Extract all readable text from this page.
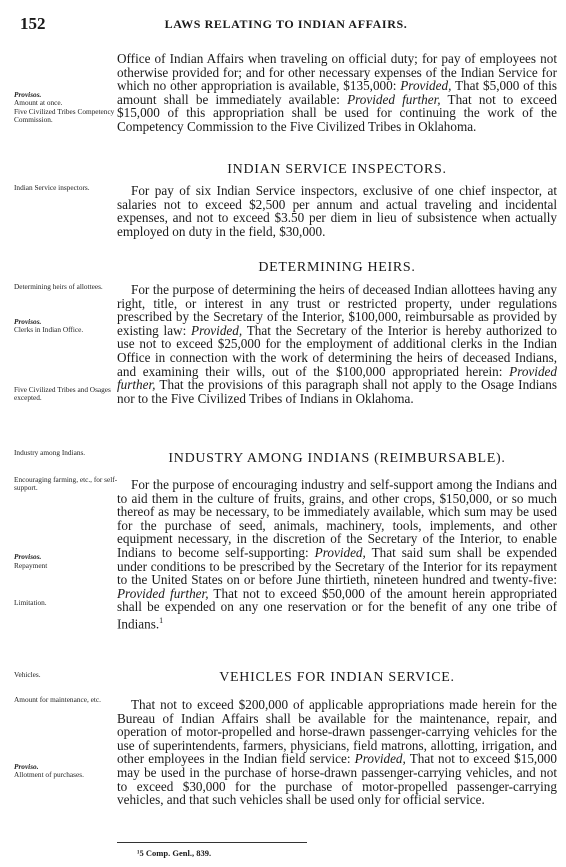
152	LAWS RELATING TO INDIAN AFFAIRS.

Office of Indian Affairs when traveling on official duty; for pay of employees not otherwise provided for; and for other necessary expenses of the Indian Service for which no other appropriation is available, $135,000: Provided, That $5,000 of this amount shall be immediately available: Provided further, That not to exceed $15,000 of this appropriation shall be used for continuing the work of the Competency Commission to the Five Civilized Tribes in Oklahoma.

Provisos.
Amount at once.
Five Civilized Tribes Competency Commission.
INDIAN SERVICE INSPECTORS.
Indian Service inspectors.	For pay of six Indian Service inspectors, exclusive of one chief inspector, at salaries not to exceed $2,500 per annum and actual traveling and incidental expenses, and not to exceed $3.50 per diem in lieu of subsistence when actually employed on duty in the field, $30,000.

DETERMINING HEIRS.
Determining heirs of allottees.
Provisos.
Clerks in Indian Office.
Five Civilized Tribes and Osages excepted.

For the purpose of determining the heirs of deceased Indian allottees having any right, title, or interest in any trust or restricted property, under regulations prescribed by the Secretary of the Interior, $100,000, reimbursable as provided by existing law: Provided, That the Secretary of the Interior is hereby authorized to use not to exceed $25,000 for the employment of additional clerks in the Indian Office in connection with the work of determining the heirs of deceased Indians, and examining their wills, out of the $100,000 appropriated herein: Provided further, That the provisions of this paragraph shall not apply to the Osage Indians nor to the Five Civilized Tribes of Indians in Oklahoma.

INDUSTRY AMONG INDIANS (REIMBURSABLE).
Industry among Indians.
Encouraging farming, etc., for self-support.
Provisos.
Repayment
Limitation.

For the purpose of encouraging industry and self-support among the Indians and to aid them in the culture of fruits, grains, and other crops, $150,000, or so much thereof as may be necessary, to be immediately available, which sum may be used for the purchase of seed, animals, machinery, tools, implements, and other equipment necessary, in the discretion of the Secretary of the Interior, to enable Indians to become self-supporting: Provided, That said sum shall be expended under conditions to be prescribed by the Secretary of the Interior for its repayment to the United States on or before June thirtieth, nineteen hundred and twenty-five: Provided further, That not to exceed $50,000 of the amount herein appropriated shall be expended on any one reservation or for the benefit of any one tribe of Indians.$^1$

Vehicles.	VEHICLES FOR INDIAN SERVICE.
Amount for maintenance, etc.
Proviso.
Allotment of purchases.

That not to exceed $200,000 of applicable appropriations made herein for the Bureau of Indian Affairs shall be available for the maintenance, repair, and operation of motor-propelled and horse-drawn passenger-carrying vehicles for the use of superintendents, farmers, physicians, field matrons, allotting, irrigation, and other employees in the Indian field service: Provided, That not to exceed $15,000 may be used in the purchase of horse-drawn passenger-carrying vehicles, and not to exceed $30,000 for the purchase of motor-propelled passenger-carrying vehicles, and that such vehicles shall be used only for official service.

¹5 Comp. Genl., 839.
